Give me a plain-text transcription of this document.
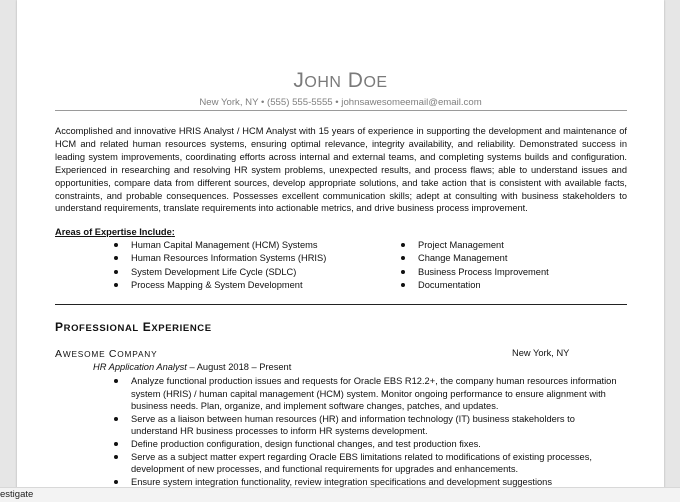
JOHN DOE
New York, NY • (555) 555-5555 • johnsawesomeemail@email.com

Accomplished and innovative HRIS Analyst / HCM Analyst with 15 years of experience in supporting the development and maintenance of HCM and related human resources systems, ensuring optimal relevance, integrity availability, and reliability. Demonstrated success in leading system improvements, coordinating efforts across internal and external teams, and completing systems builds and configuration. Experienced in researching and resolving HR system problems, unexpected results, and process flaws; able to understand issues and opportunities, compare data from different sources, develop appropriate solutions, and take action that is consistent with available facts, constraints, and probable consequences. Possesses excellent communication skills; adept at consulting with business stakeholders to understand requirements, translate requirements into actionable metrics, and drive business process improvement.

Areas of Expertise Include:
Human Capital Management (HCM) Systems
Human Resources Information Systems (HRIS)
System Development Life Cycle (SDLC)
Process Mapping & System Development
Project Management
Change Management
Business Process Improvement
Documentation
PROFESSIONAL EXPERIENCE
AWESOME COMPANY	New York, NY
HR Application Analyst – August 2018 – Present
Analyze functional production issues and requests for Oracle EBS R12.2+, the company human resources information system (HRIS) / human capital management (HCM) system. Monitor ongoing performance to ensure alignment with business needs. Plan, organize, and implement software changes, patches, and updates.
Serve as a liaison between human resources (HR) and information technology (IT) business stakeholders to understand HR business processes to inform HR systems development.
Define production configuration, design functional changes, and test production fixes.
Serve as a subject matter expert regarding Oracle EBS limitations related to modifications of existing processes, development of new processes, and functional requirements for upgrades and enhancements.
Ensure system integration functionality, review integration specifications and development suggestions
estigate
